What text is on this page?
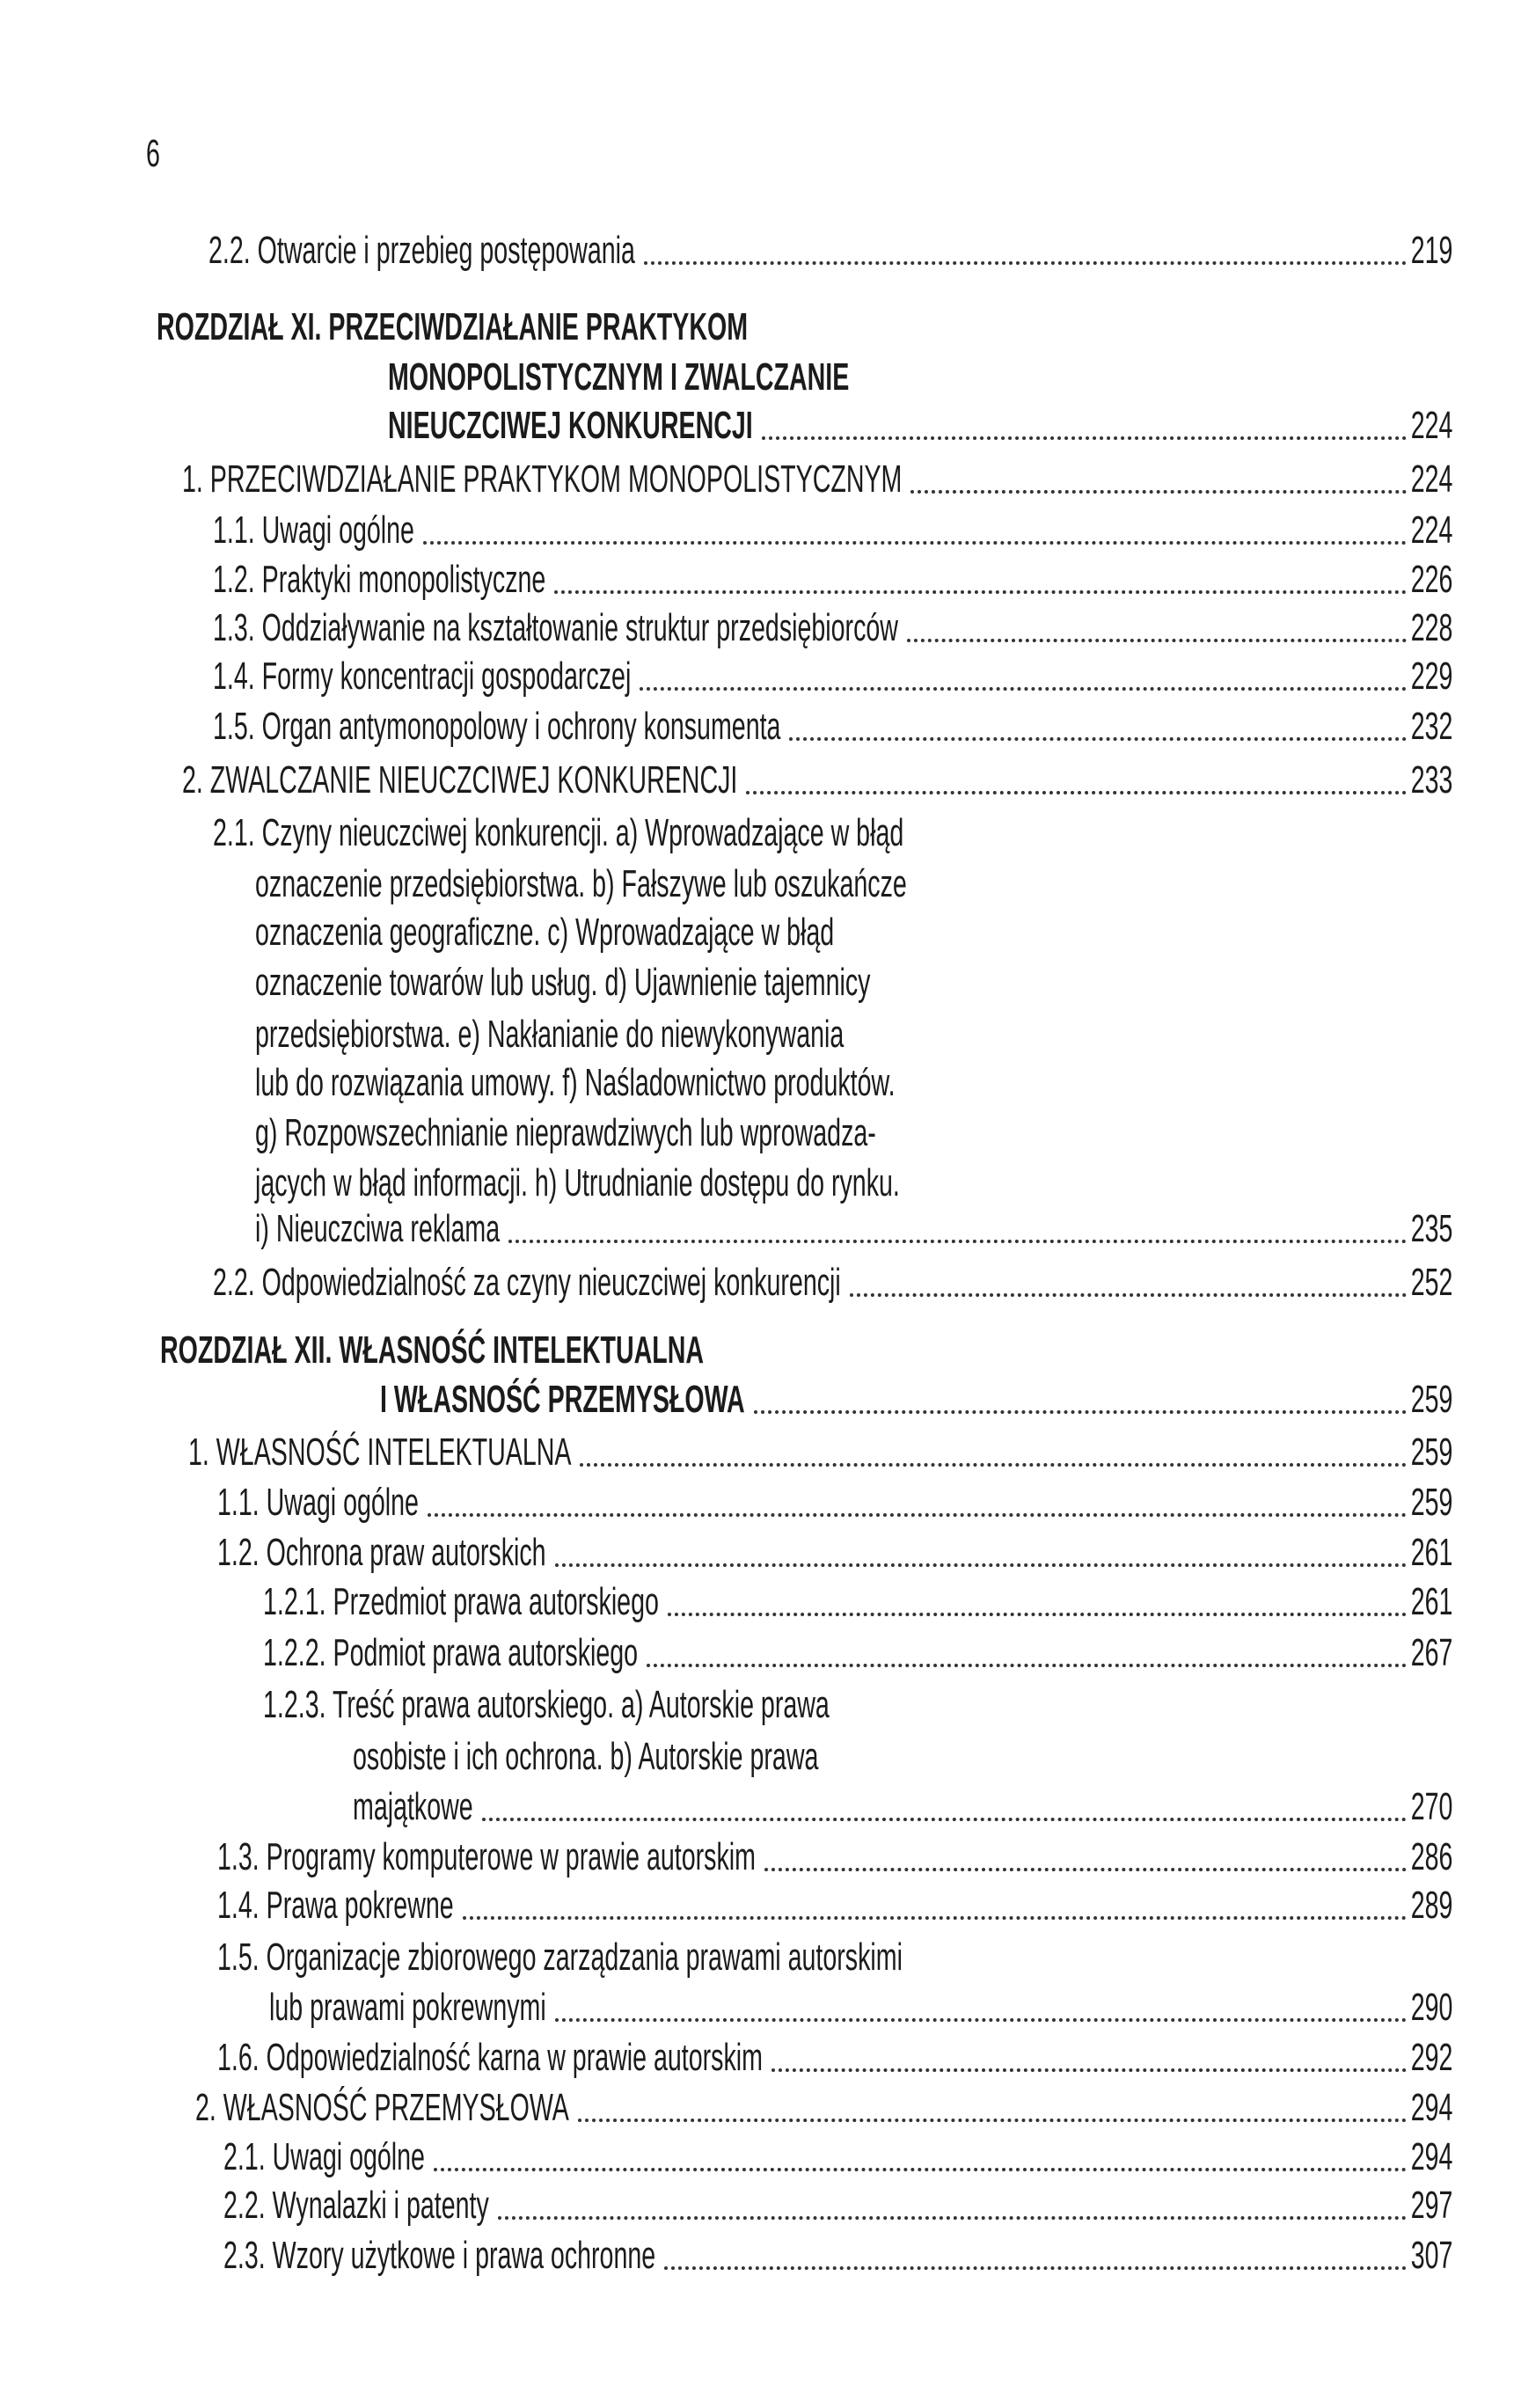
6
2.2. Otwarcie i przebieg postępowania	219
ROZDZIAŁ XI. PRZECIWDZIAŁANIE PRAKTYKOM
MONOPOLISTYCZNYM I ZWALCZANIE
NIEUCZCIWEJ KONKURENCJI	224
1. PRZECIWDZIAŁANIE PRAKTYKOM MONOPOLISTYCZNYM	224
1.1. Uwagi ogólne	224
1.2. Praktyki monopolistyczne	226
1.3. Oddziaływanie na kształtowanie struktur przedsiębiorców	228
1.4. Formy koncentracji gospodarczej	229
1.5. Organ antymonopolowy i ochrony konsumenta	232
2. ZWALCZANIE NIEUCZCIWEJ KONKURENCJI	233
2.1. Czyny nieuczciwej konkurencji. a) Wprowadzające w błąd
oznaczenie przedsiębiorstwa. b) Fałszywe lub oszukańcze
oznaczenia geograficzne. c) Wprowadzające w błąd
oznaczenie towarów lub usług. d) Ujawnienie tajemnicy
przedsiębiorstwa. e) Nakłanianie do niewykonywania
lub do rozwiązania umowy. f) Naśladownictwo produktów.
g) Rozpowszechnianie nieprawdziwych lub wprowadza-
jących w błąd informacji. h) Utrudnianie dostępu do rynku.
i) Nieuczciwa reklama	235
2.2. Odpowiedzialność za czyny nieuczciwej konkurencji	252
ROZDZIAŁ XII. WŁASNOŚĆ INTELEKTUALNA
I WŁASNOŚĆ PRZEMYSŁOWA	259
1. WŁASNOŚĆ INTELEKTUALNA	259
1.1. Uwagi ogólne	259
1.2. Ochrona praw autorskich	261
1.2.1. Przedmiot prawa autorskiego	261
1.2.2. Podmiot prawa autorskiego	267
1.2.3. Treść prawa autorskiego. a) Autorskie prawa
osobiste i ich ochrona. b) Autorskie prawa
majątkowe	270
1.3. Programy komputerowe w prawie autorskim	286
1.4. Prawa pokrewne	289
1.5. Organizacje zbiorowego zarządzania prawami autorskimi
lub prawami pokrewnymi	290
1.6. Odpowiedzialność karna w prawie autorskim	292
2. WŁASNOŚĆ PRZEMYSŁOWA	294
2.1. Uwagi ogólne	294
2.2. Wynalazki i patenty	297
2.3. Wzory użytkowe i prawa ochronne	307
